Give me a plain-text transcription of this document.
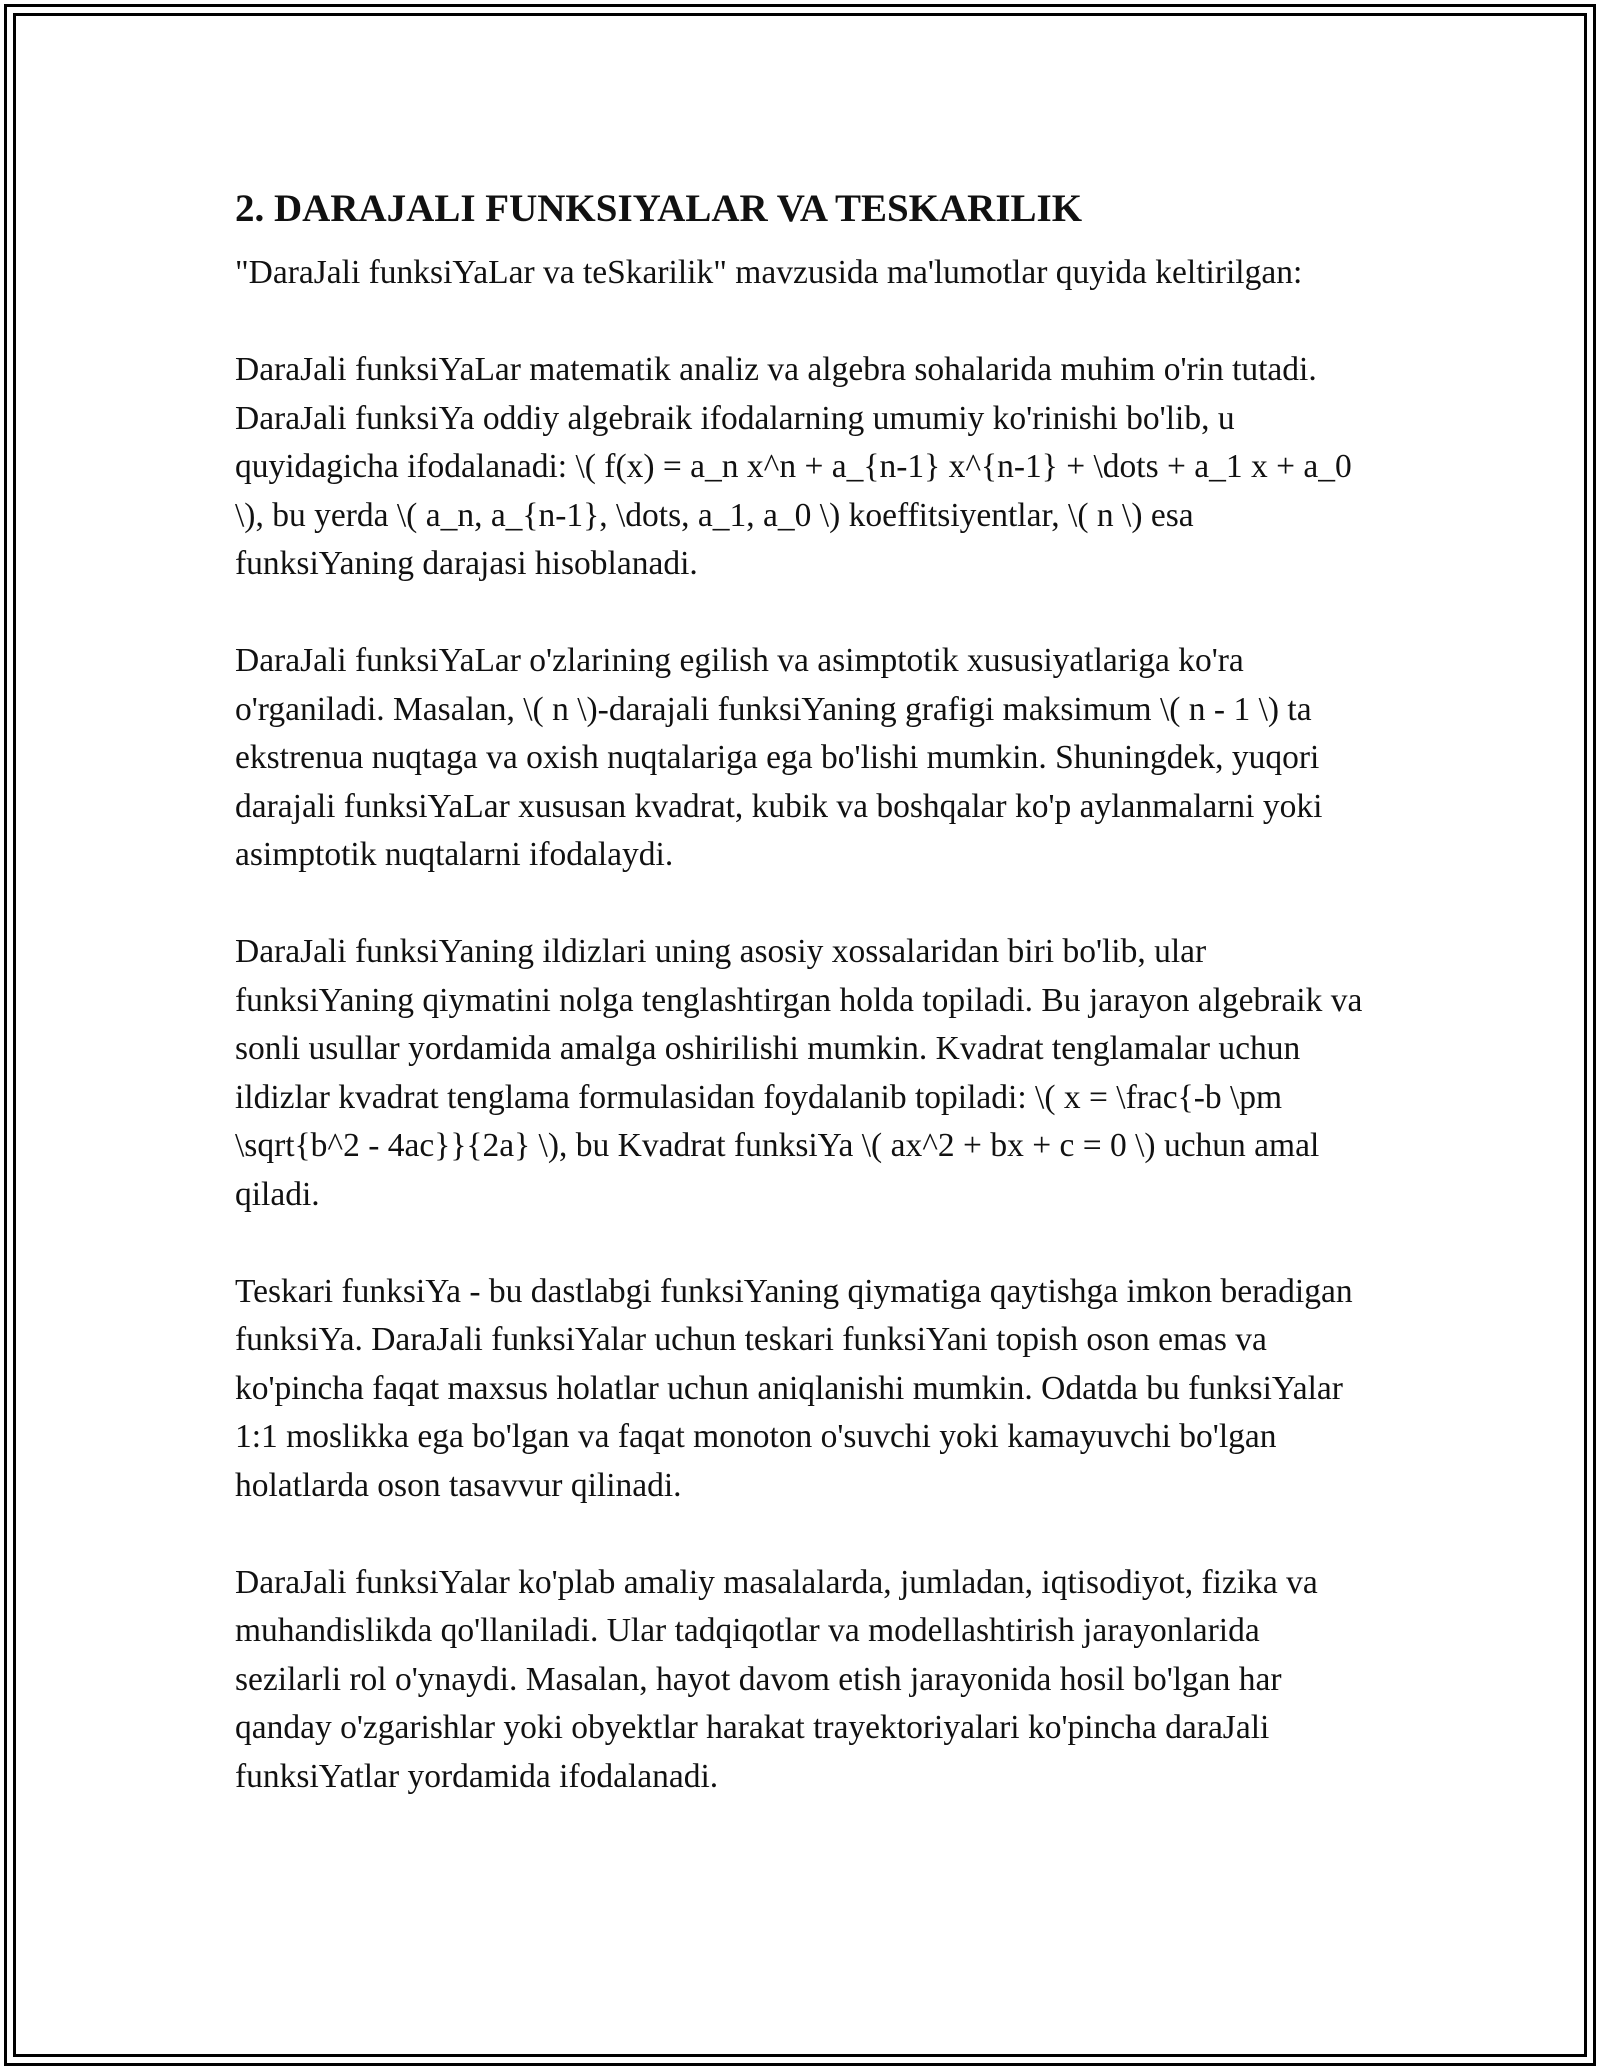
2. DARAJALI FUNKSIYALAR VA TESKARILIK

"DaraJali funksiYaLar va teSkarilik" mavzusida ma'lumotlar quyida keltirilgan:

DaraJali funksiYaLar matematik analiz va algebra sohalarida muhim o'rin tutadi. DaraJali funksiYa oddiy algebraik ifodalarning umumiy ko'rinishi bo'lib, u quyidagicha ifodalanadi: \( f(x) = a_n x^n + a_{n-1} x^{n-1} + \dots + a_1 x + a_0 \), bu yerda \( a_n, a_{n-1}, \dots, a_1, a_0 \) koeffitsiyentlar, \( n \) esa funksiYaning darajasi hisoblanadi.

DaraJali funksiYaLar o'zlarining egilish va asimptotik xususiyatlariga ko'ra o'rganiladi. Masalan, \( n \)-darajali funksiYaning grafigi maksimum \( n - 1 \) ta ekstrenua nuqtaga va oxish nuqtalariga ega bo'lishi mumkin. Shuningdek, yuqori darajali funksiYaLar xususan kvadrat, kubik va boshqalar ko'p aylanmalarni yoki asimptotik nuqtalarni ifodalaydi.

DaraJali funksiYaning ildizlari uning asosiy xossalaridan biri bo'lib, ular funksiYaning qiymatini nolga tenglashtirgan holda topiladi. Bu jarayon algebraik va sonli usullar yordamida amalga oshirilishi mumkin. Kvadrat tenglamalar uchun ildizlar kvadrat tenglama formulasidan foydalanib topiladi: \( x = \frac{-b \pm \sqrt{b^2 - 4ac}}{2a} \), bu Kvadrat funksiYa \( ax^2 + bx + c = 0 \) uchun amal qiladi.

Teskari funksiYa - bu dastlabgi funksiYaning qiymatiga qaytishga imkon beradigan funksiYa. DaraJali funksiYalar uchun teskari funksiYani topish oson emas va ko'pincha faqat maxsus holatlar uchun aniqlanishi mumkin. Odatda bu funksiYalar 1:1 moslikka ega bo'lgan va faqat monoton o'suvchi yoki kamayuvchi bo'lgan holatlarda oson tasavvur qilinadi.

DaraJali funksiYalar ko'plab amaliy masalalarda, jumladan, iqtisodiyot, fizika va muhandislikda qo'llaniladi. Ular tadqiqotlar va modellashtirish jarayonlarida sezilarli rol o'ynaydi. Masalan, hayot davom etish jarayonida hosil bo'lgan har qanday o'zgarishlar yoki obyektlar harakat trayektoriyalari ko'pincha daraJali funksiYatlar yordamida ifodalanadi.
